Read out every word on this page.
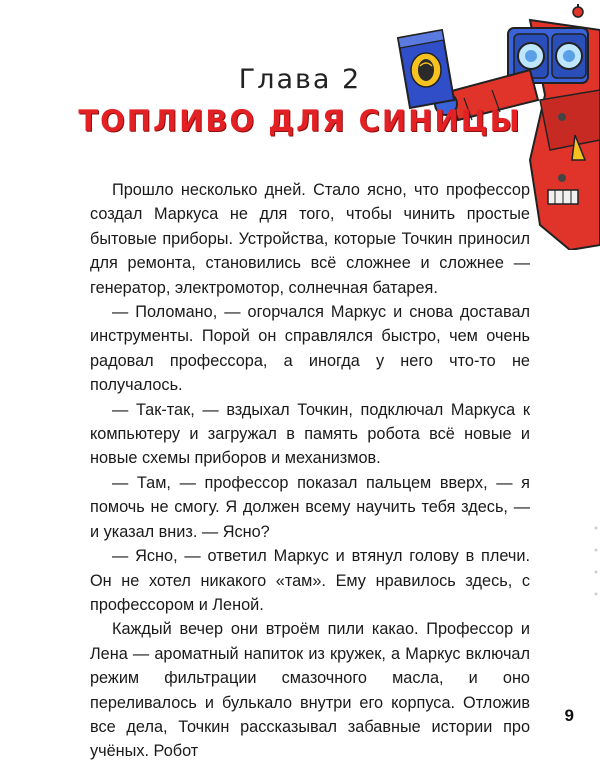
Глава 2
ТОПЛИВО ДЛЯ СИНИЦЫ

Прошло несколько дней. Стало ясно, что профессор создал Маркуса не для того, чтобы чинить простые бытовые приборы. Устройства, которые Точкин приносил для ремонта, становились всё сложнее и сложнее — генератор, электромотор, солнечная батарея.

— Поломано, — огорчался Маркус и снова доставал инструменты. Порой он справлялся быстро, чем очень радовал профессора, а иногда у него что-то не получалось.

— Так-так, — вздыхал Точкин, подключал Маркуса к компьютеру и загружал в память робота всё новые и новые схемы приборов и механизмов.

— Там, — профессор показал пальцем вверх, — я помочь не смогу. Я должен всему научить тебя здесь, — и указал вниз. — Ясно?

— Ясно, — ответил Маркус и втянул голову в плечи. Он не хотел никакого «там». Ему нравилось здесь, с профессором и Леной.

Каждый вечер они втроём пили какао. Профессор и Лена — ароматный напиток из кружек, а Маркус включал режим фильтрации смазочного масла, и оно переливалось и булькало внутри его корпуса. Отложив все дела, Точкин рассказывал забавные истории про учёных. Робот

9
